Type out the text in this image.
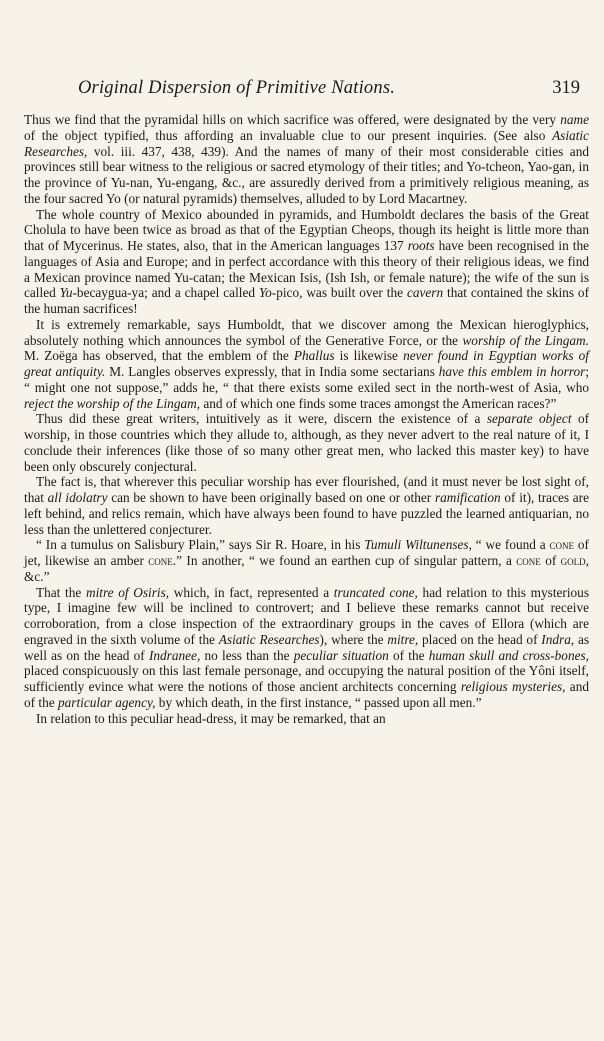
Original Dispersion of Primitive Nations.	319

Thus we find that the pyramidal hills on which sacrifice was offered, were designated by the very name of the object typified, thus affording an invaluable clue to our present inquiries. (See also Asiatic Researches, vol. iii. 437, 438, 439). And the names of many of their most considerable cities and provinces still bear witness to the religious or sacred etymology of their titles; and Yo-tcheon, Yao-gan, in the province of Yu-nan, Yu-engang, &c., are assuredly derived from a primitively religious meaning, as the four sacred Yo (or natural pyramids) themselves, alluded to by Lord Macartney.

The whole country of Mexico abounded in pyramids, and Humboldt declares the basis of the Great Cholula to have been twice as broad as that of the Egyptian Cheops, though its height is little more than that of Mycerinus. He states, also, that in the American languages 137 roots have been recognised in the languages of Asia and Europe; and in perfect accordance with this theory of their religious ideas, we find a Mexican province named Yu-catan; the Mexican Isis, (Ish Ish, or female nature); the wife of the sun is called Yu-becaygua-ya; and a chapel called Yo-pico, was built over the cavern that contained the skins of the human sacrifices!

It is extremely remarkable, says Humboldt, that we discover among the Mexican hieroglyphics, absolutely nothing which announces the symbol of the Generative Force, or the worship of the Lingam. M. Zoëga has observed, that the emblem of the Phallus is likewise never found in Egyptian works of great antiquity. M. Langles observes expressly, that in India some sectarians have this emblem in horror; “ might one not suppose,” adds he, “ that there exists some exiled sect in the north-west of Asia, who reject the worship of the Lingam, and of which one finds some traces amongst the American races?”

Thus did these great writers, intuitively as it were, discern the existence of a separate object of worship, in those countries which they allude to, although, as they never advert to the real nature of it, I conclude their inferences (like those of so many other great men, who lacked this master key) to have been only obscurely conjectural.

The fact is, that wherever this peculiar worship has ever flourished, (and it must never be lost sight of, that all idolatry can be shown to have been originally based on one or other ramification of it), traces are left behind, and relics remain, which have always been found to have puzzled the learned antiquarian, no less than the unlettered conjecturer.

“ In a tumulus on Salisbury Plain,” says Sir R. Hoare, in his Tumuli Wiltunenses, “ we found a cone of jet, likewise an amber cone.” In another, “ we found an earthen cup of singular pattern, a cone of gold, &c.”

That the mitre of Osiris, which, in fact, represented a truncated cone, had relation to this mysterious type, I imagine few will be inclined to controvert; and I believe these remarks cannot but receive corroboration, from a close inspection of the extraordinary groups in the caves of Ellora (which are engraved in the sixth volume of the Asiatic Researches), where the mitre, placed on the head of Indra, as well as on the head of Indranee, no less than the peculiar situation of the human skull and cross-bones, placed conspicuously on this last female personage, and occupying the natural position of the Yôni itself, sufficiently evince what were the notions of those ancient architects concerning religious mysteries, and of the particular agency, by which death, in the first instance, “ passed upon all men.”

In relation to this peculiar head-dress, it may be remarked, that an
